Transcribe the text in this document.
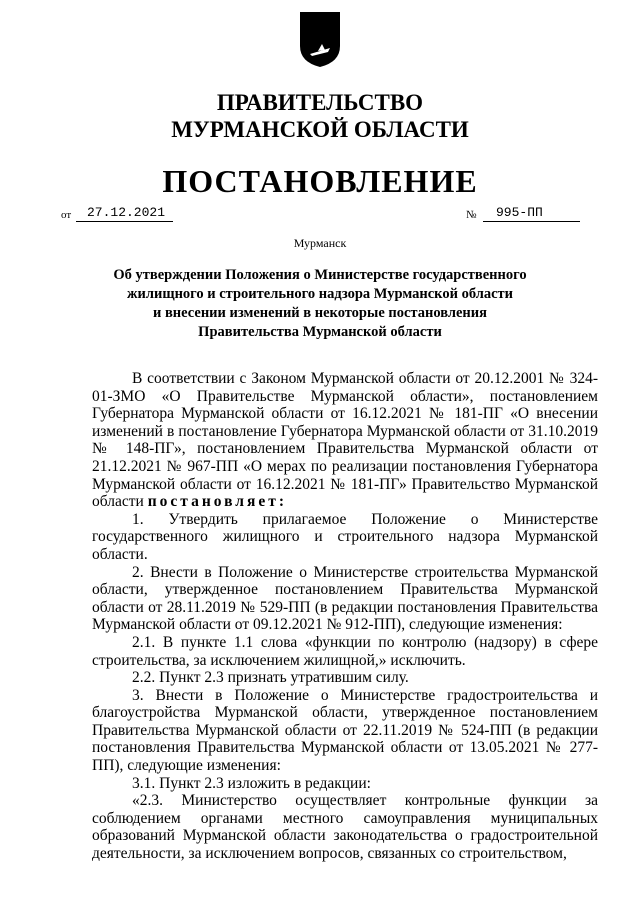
ПРАВИТЕЛЬСТВО
МУРМАНСКОЙ ОБЛАСТИ
ПОСТАНОВЛЕНИЕ
от 27.12.2021	№ 995-ПП
Мурманск
Об утверждении Положения о Министерстве государственного
жилищного и строительного надзора Мурманской области
и внесении изменений в некоторые постановления
Правительства Мурманской области

В соответствии с Законом Мурманской области от 20.12.2001 № 324-01-ЗМО «О Правительстве Мурманской области», постановлением Губернатора Мурманской области от 16.12.2021 № 181-ПГ «О внесении изменений в постановление Губернатора Мурманской области от 31.10.2019 № 148-ПГ», постановлением Правительства Мурманской области от 21.12.2021 № 967-ПП «О мерах по реализации постановления Губернатора Мурманской области от 16.12.2021 № 181-ПГ» Правительство Мурманской области постановляет:

1. Утвердить прилагаемое Положение о Министерстве государственного жилищного и строительного надзора Мурманской области.

2. Внести в Положение о Министерстве строительства Мурманской области, утвержденное постановлением Правительства Мурманской области от 28.11.2019 № 529-ПП (в редакции постановления Правительства Мурманской области от 09.12.2021 № 912-ПП), следующие изменения:

2.1. В пункте 1.1 слова «функции по контролю (надзору) в сфере строительства, за исключением жилищной,» исключить.

2.2. Пункт 2.3 признать утратившим силу.

3. Внести в Положение о Министерстве градостроительства и благоустройства Мурманской области, утвержденное постановлением Правительства Мурманской области от 22.11.2019 № 524-ПП (в редакции постановления Правительства Мурманской области от 13.05.2021 № 277-ПП), следующие изменения:

3.1. Пункт 2.3 изложить в редакции:

«2.3. Министерство осуществляет контрольные функции за соблюдением органами местного самоуправления муниципальных образований Мурманской области законодательства о градостроительной деятельности, за исключением вопросов, связанных со строительством,
